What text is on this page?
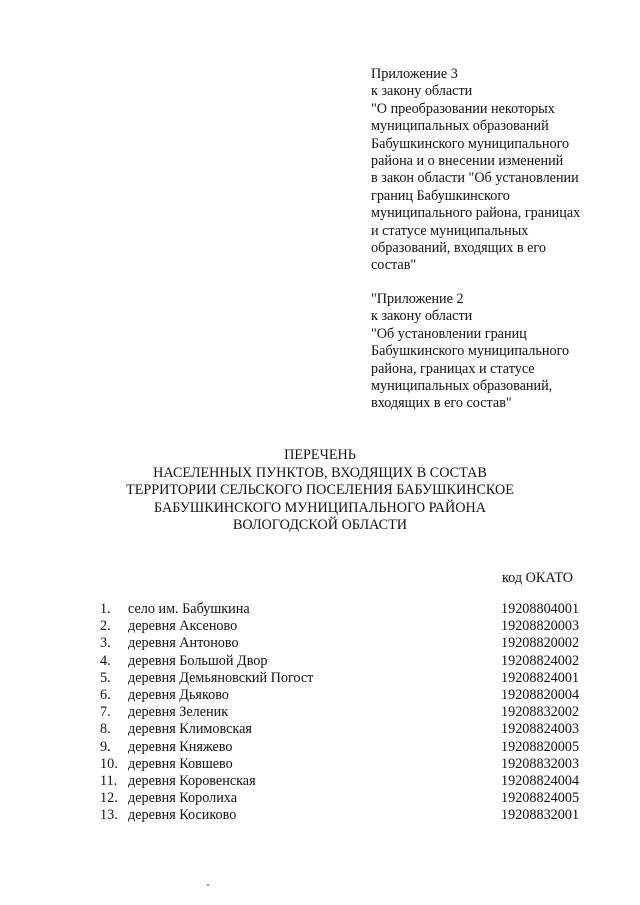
Приложение 3
к закону области
"О преобразовании некоторых
муниципальных образований
Бабушкинского муниципального
района и о внесении изменений
в закон области "Об установлении
границ Бабушкинского
муниципального района, границах
и статусе муниципальных
образований, входящих в его
состав"
"Приложение 2
к закону области
"Об установлении границ
Бабушкинского муниципального
района, границах и статусе
муниципальных образований,
входящих в его состав"
ПЕРЕЧЕНЬ
НАСЕЛЕННЫХ ПУНКТОВ, ВХОДЯЩИХ В СОСТАВ
ТЕРРИТОРИИ СЕЛЬСКОГО ПОСЕЛЕНИЯ БАБУШКИНСКОЕ
БАБУШКИНСКОГО МУНИЦИПАЛЬНОГО РАЙОНА
ВОЛОГОДСКОЙ ОБЛАСТИ
код ОКАТО
1.	село им. Бабушкина	19208804001
2.	деревня Аксеново	19208820003
3.	деревня Антоново	19208820002
4.	деревня Большой Двор	19208824002
5.	деревня Демьяновский Погост	19208824001
6.	деревня Дьяково	19208820004
7.	деревня Зеленик	19208832002
8.	деревня Климовская	19208824003
9.	деревня Княжево	19208820005
10. деревня Ковшево	19208832003
11. деревня Коровенская	19208824004
12. деревня Королиха	19208824005
13. деревня Косиково	19208832001
